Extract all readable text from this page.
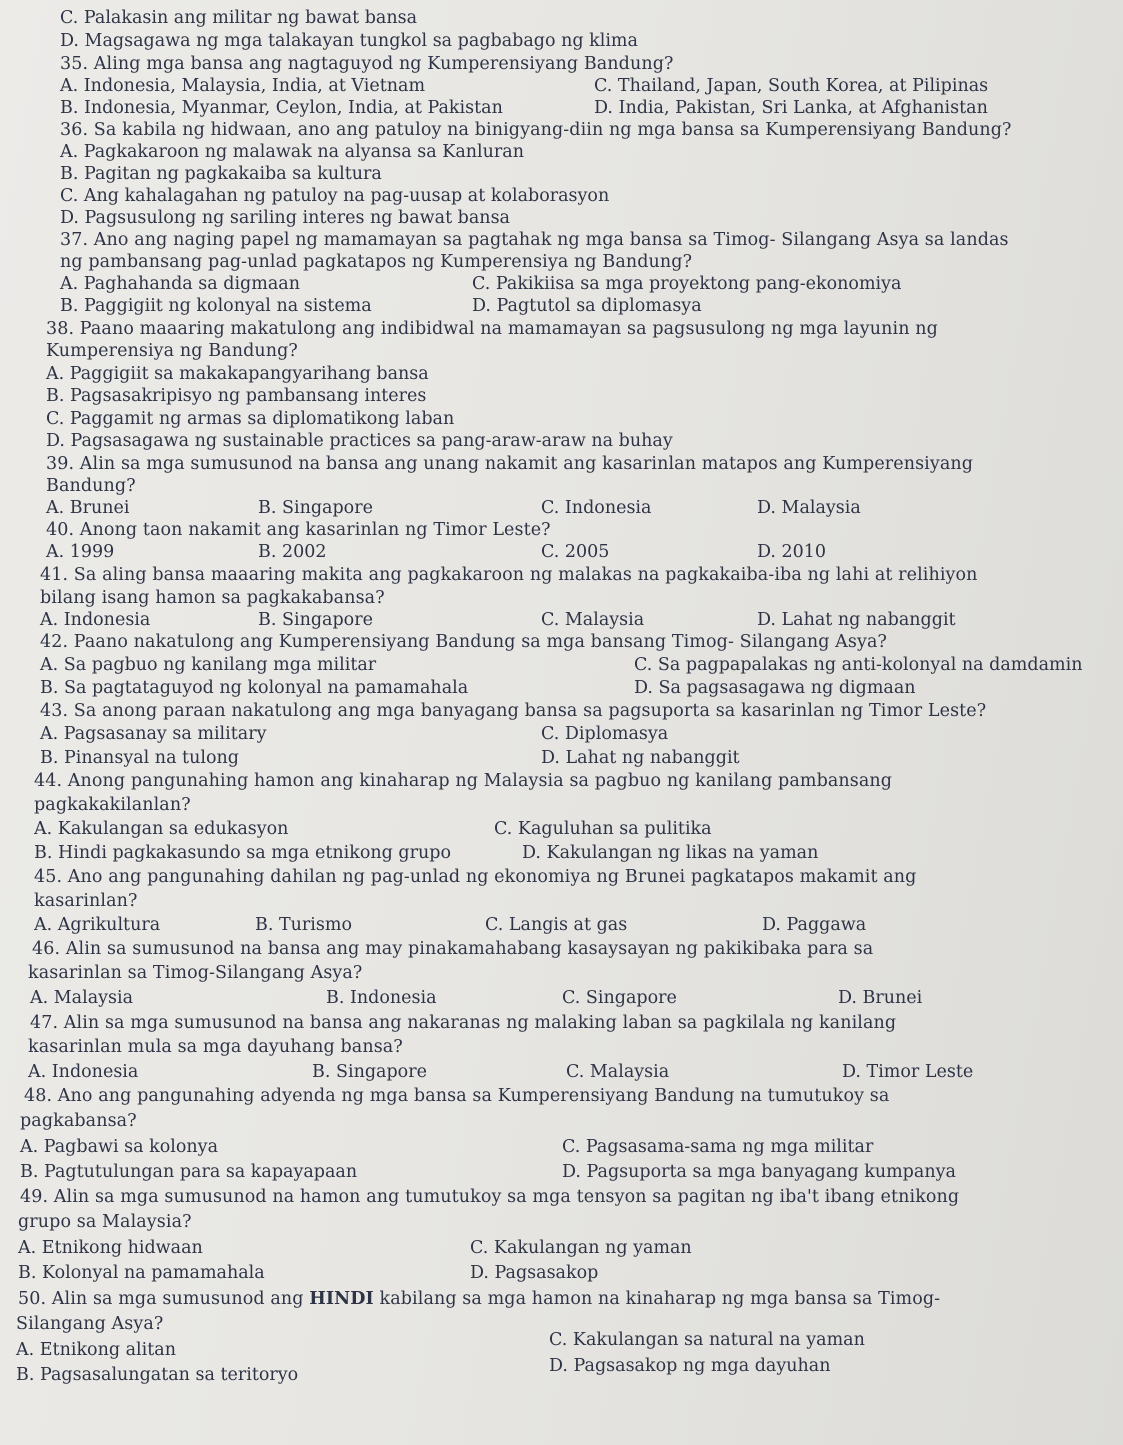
C. Palakasin ang militar ng bawat bansa
D. Magsagawa ng mga talakayan tungkol sa pagbabago ng klima
35. Aling mga bansa ang nagtaguyod ng Kumperensiyang Bandung?
A. Indonesia, Malaysia, India, at Vietnam	C. Thailand, Japan, South Korea, at Pilipinas
B. Indonesia, Myanmar, Ceylon, India, at Pakistan	D. India, Pakistan, Sri Lanka, at Afghanistan
36. Sa kabila ng hidwaan, ano ang patuloy na binigyang-diin ng mga bansa sa Kumperensiyang Bandung?
A. Pagkakaroon ng malawak na alyansa sa Kanluran
B. Pagitan ng pagkakaiba sa kultura
C. Ang kahalagahan ng patuloy na pag-uusap at kolaborasyon
D. Pagsusulong ng sariling interes ng bawat bansa
37. Ano ang naging papel ng mamamayan sa pagtahak ng mga bansa sa Timog- Silangang Asya sa landas
ng pambansang pag-unlad pagkatapos ng Kumperensiya ng Bandung?
A. Paghahanda sa digmaan	C. Pakikiisa sa mga proyektong pang-ekonomiya
B. Paggigiit ng kolonyal na sistema	D. Pagtutol sa diplomasya
38. Paano maaaring makatulong ang indibidwal na mamamayan sa pagsusulong ng mga layunin ng
Kumperensiya ng Bandung?
A. Paggigiit sa makakapangyarihang bansa
B. Pagsasakripisyo ng pambansang interes
C. Paggamit ng armas sa diplomatikong laban
D. Pagsasagawa ng sustainable practices sa pang-araw-araw na buhay
39. Alin sa mga sumusunod na bansa ang unang nakamit ang kasarinlan matapos ang Kumperensiyang
Bandung?
A. Brunei	B. Singapore	C. Indonesia	D. Malaysia
40. Anong taon nakamit ang kasarinlan ng Timor Leste?
A. 1999	B. 2002	C. 2005	D. 2010
41. Sa aling bansa maaaring makita ang pagkakaroon ng malakas na pagkakaiba-iba ng lahi at relihiyon
bilang isang hamon sa pagkakabansa?
A. Indonesia	B. Singapore	C. Malaysia	D. Lahat ng nabanggit
42. Paano nakatulong ang Kumperensiyang Bandung sa mga bansang Timog- Silangang Asya?
A. Sa pagbuo ng kanilang mga militar	C. Sa pagpapalakas ng anti-kolonyal na damdamin
B. Sa pagtataguyod ng kolonyal na pamamahala	D. Sa pagsasagawa ng digmaan
43. Sa anong paraan nakatulong ang mga banyagang bansa sa pagsuporta sa kasarinlan ng Timor Leste?
A. Pagsasanay sa military	C. Diplomasya
B. Pinansyal na tulong	D. Lahat ng nabanggit
44. Anong pangunahing hamon ang kinaharap ng Malaysia sa pagbuo ng kanilang pambansang
pagkakakilanlan?
A. Kakulangan sa edukasyon	C. Kaguluhan sa pulitika
B. Hindi pagkakasundo sa mga etnikong grupo	D. Kakulangan ng likas na yaman
45. Ano ang pangunahing dahilan ng pag-unlad ng ekonomiya ng Brunei pagkatapos makamit ang
kasarinlan?
A. Agrikultura	B. Turismo	C. Langis at gas	D. Paggawa
46. Alin sa sumusunod na bansa ang may pinakamahabang kasaysayan ng pakikibaka para sa
kasarinlan sa Timog-Silangang Asya?
A. Malaysia	B. Indonesia	C. Singapore	D. Brunei
47. Alin sa mga sumusunod na bansa ang nakaranas ng malaking laban sa pagkilala ng kanilang
kasarinlan mula sa mga dayuhang bansa?
A. Indonesia	B. Singapore	C. Malaysia	D. Timor Leste
48. Ano ang pangunahing adyenda ng mga bansa sa Kumperensiyang Bandung na tumutukoy sa
pagkabansa?
A. Pagbawi sa kolonya	C. Pagsasama-sama ng mga militar
B. Pagtutulungan para sa kapayapaan	D. Pagsuporta sa mga banyagang kumpanya
49. Alin sa mga sumusunod na hamon ang tumutukoy sa mga tensyon sa pagitan ng iba't ibang etnikong
grupo sa Malaysia?
A. Etnikong hidwaan	C. Kakulangan ng yaman
B. Kolonyal na pamamahala	D. Pagsasakop
50. Alin sa mga sumusunod ang HINDI kabilang sa mga hamon na kinaharap ng mga bansa sa Timog-
Silangang Asya?
A. Etnikong alitan	C. Kakulangan sa natural na yaman
B. Pagsasalungatan sa teritoryo	D. Pagsasakop ng mga dayuhan
